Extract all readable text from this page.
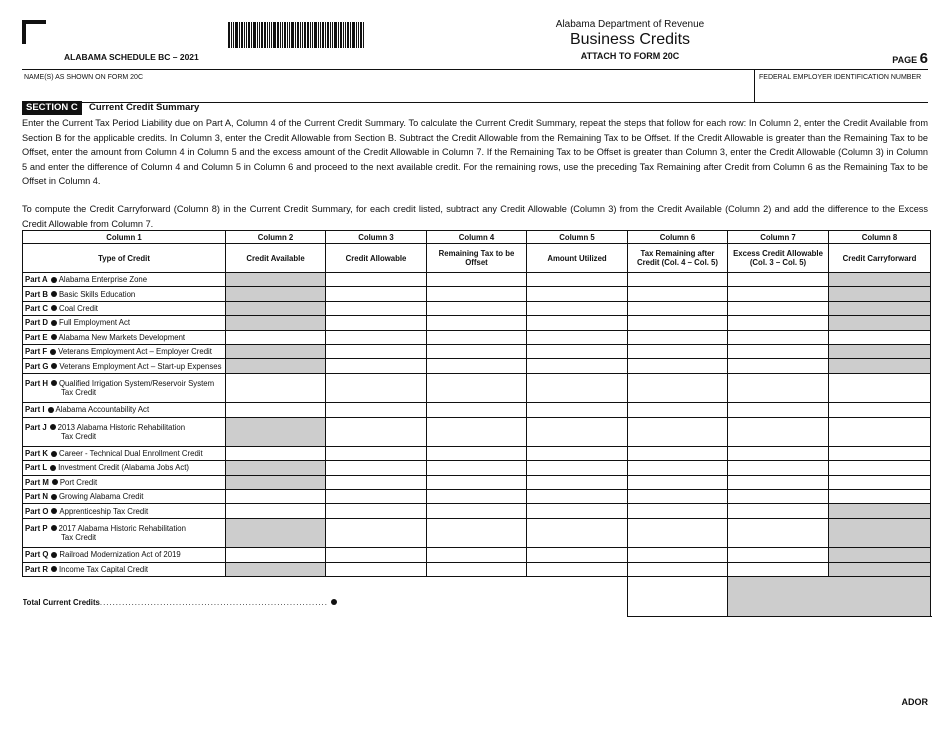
ALABAMA SCHEDULE BC – 2021
Alabama Department of Revenue
Business Credits
ATTACH TO FORM 20C	PAGE 6
NAME(S) AS SHOWN ON FORM 20C	FEDERAL EMPLOYER IDENTIFICATION NUMBER
SECTION C	Current Credit Summary
Enter the Current Tax Period Liability due on Part A, Column 4 of the Current Credit Summary. To calculate the Current Credit Summary, repeat the steps that follow for each row: In Column 2, enter the Credit Available from Section B for the applicable credits. In Column 3, enter the Credit Allowable from Section B. Subtract the Credit Allowable from the Remaining Tax to be Offset. If the Credit Allowable is greater than the Remaining Tax to be Offset, enter the amount from Column 4 in Column 5 and the excess amount of the Credit Allowable in Column 7. If the Remaining Tax to be Offset is greater than Column 3, enter the Credit Allowable (Column 3) in Column 5 and enter the difference of Column 4 and Column 5 in Column 6 and proceed to the next available credit. For the remaining rows, use the preceding Tax Remaining after Credit from Column 6 as the Remaining Tax to be Offset in Column 4.
To compute the Credit Carryforward (Column 8) in the Current Credit Summary, for each credit listed, subtract any Credit Allowable (Column 3) from the Credit Available (Column 2) and add the difference to the Excess Credit Allowable from Column 7.
Column 1	Column 2	Column 3	Column 4	Column 5	Column 6	Column 7	Column 8
Type of Credit	Credit Available	Credit Allowable	Remaining Tax to be Offset	Amount Utilized	Tax Remaining after Credit (Col. 4 – Col. 5)	Excess Credit Allowable (Col. 3 – Col. 5)	Credit Carryforward
Part A Alabama Enterprise Zone							
Part B Basic Skills Education							
Part C Coal Credit							
Part D Full Employment Act							
Part E Alabama New Markets Development							
Part F Veterans Employment Act – Employer Credit							
Part G Veterans Employment Act – Start-up Expenses							
Part H Qualified Irrigation System/Reservoir System
Tax Credit							

Part I Alabama Accountability Act							
Part J 2013 Alabama Historic Rehabilitation
Tax Credit							

Part K Career - Technical Dual Enrollment Credit							
Part L Investment Credit (Alabama Jobs Act)							
Part M Port Credit							
Part N Growing Alabama Credit							
Part O Apprenticeship Tax Credit							
Part P 2017 Alabama Historic Rehabilitation
Tax Credit							

Part Q Railroad Modernization Act of 2019							
Part R Income Tax Capital Credit							
Total Current Credits........................................................................							
ADOR
